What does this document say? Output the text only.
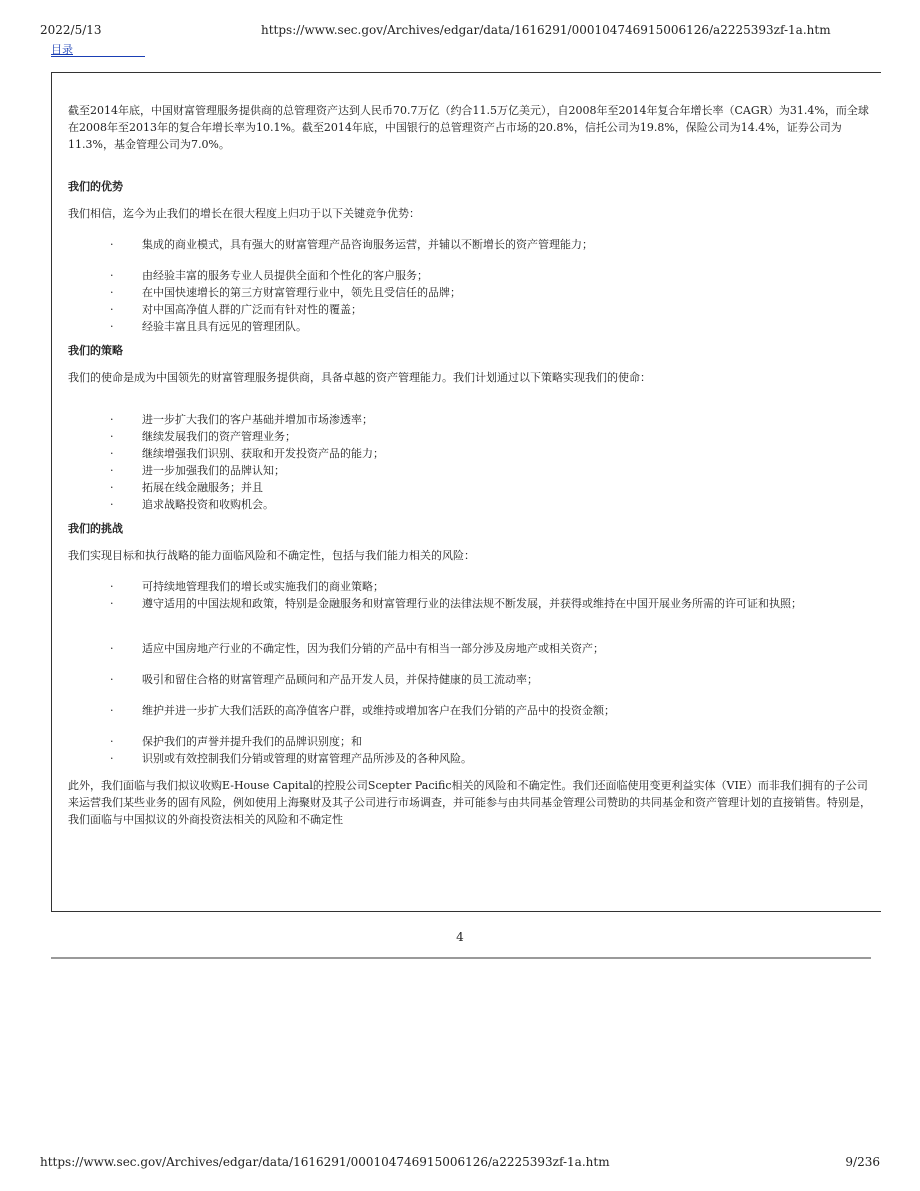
2022/5/13	https://www.sec.gov/Archives/edgar/data/1616291/000104746915006126/a2225393zf-1a.htm
目录

截至2014年底，中国财富管理服务提供商的总管理资产达到人民币70.7万亿（约合11.5万亿美元），自2008年至2014年复合年增长率（CAGR）为31.4%，而全球在2008年至2013年的复合年增长率为10.1%。截至2014年底，中国银行的总管理资产占市场的20.8%，信托公司为19.8%，保险公司为14.4%，证券公司为11.3%，基金管理公司为7.0%。

我们的优势

我们相信，迄今为止我们的增长在很大程度上归功于以下关键竞争优势：

· 集成的商业模式，具有强大的财富管理产品咨询服务运营，并辅以不断增长的资产管理能力；
· 由经验丰富的服务专业人员提供全面和个性化的客户服务；
· 在中国快速增长的第三方财富管理行业中，领先且受信任的品牌；
· 对中国高净值人群的广泛而有针对性的覆盖；
· 经验丰富且具有远见的管理团队。

我们的策略

我们的使命是成为中国领先的财富管理服务提供商，具备卓越的资产管理能力。我们计划通过以下策略实现我们的使命：

· 进一步扩大我们的客户基础并增加市场渗透率；
· 继续发展我们的资产管理业务；
· 继续增强我们识别、获取和开发投资产品的能力；
· 进一步加强我们的品牌认知；
· 拓展在线金融服务；并且
· 追求战略投资和收购机会。

我们的挑战

我们实现目标和执行战略的能力面临风险和不确定性，包括与我们能力相关的风险：

· 可持续地管理我们的增长或实施我们的商业策略；
· 遵守适用的中国法规和政策，特别是金融服务和财富管理行业的法律法规不断发展，并获得或维持在中国开展业务所需的许可证和执照；
· 适应中国房地产行业的不确定性，因为我们分销的产品中有相当一部分涉及房地产或相关资产；
· 吸引和留住合格的财富管理产品顾问和产品开发人员，并保持健康的员工流动率；
· 维护并进一步扩大我们活跃的高净值客户群，或维持或增加客户在我们分销的产品中的投资金额；
· 保护我们的声誉并提升我们的品牌识别度；和
· 识别或有效控制我们分销或管理的财富管理产品所涉及的各种风险。

此外，我们面临与我们拟议收购E-House Capital的控股公司Scepter Pacific相关的风险和不确定性。我们还面临使用变更利益实体（VIE）而非我们拥有的子公司来运营我们某些业务的固有风险，例如使用上海聚财及其子公司进行市场调查，并可能参与由共同基金管理公司赞助的共同基金和资产管理计划的直接销售。特别是，我们面临与中国拟议的外商投资法相关的风险和不确定性

4
https://www.sec.gov/Archives/edgar/data/1616291/000104746915006126/a2225393zf-1a.htm	9/236
